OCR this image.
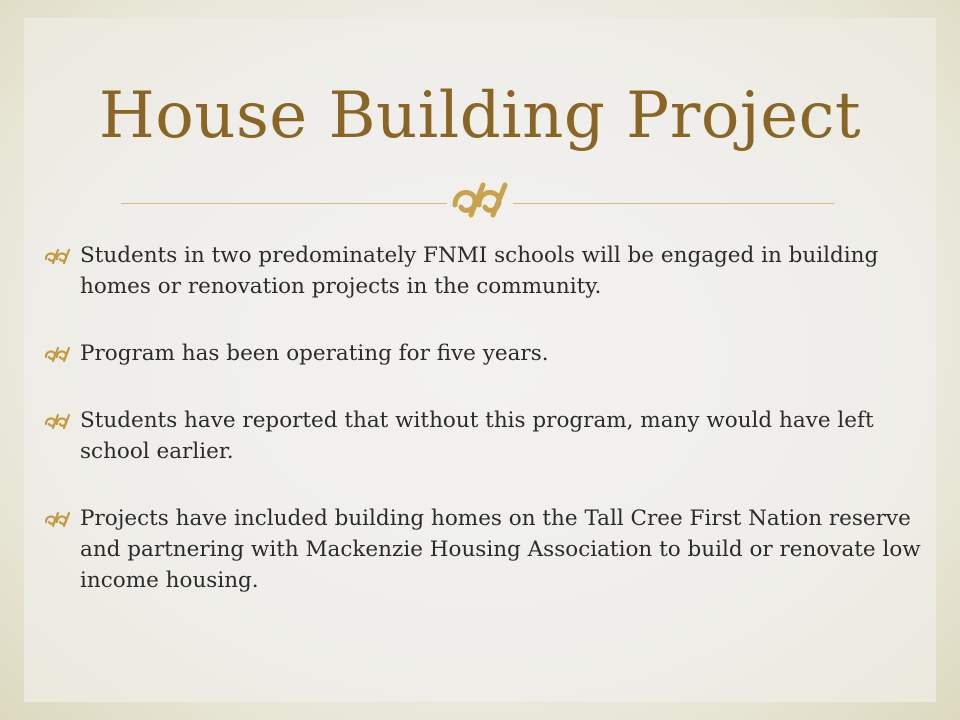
House Building Project
Students in two predominately FNMI schools will be engaged in building homes or renovation projects in the community.
Program has been operating for five years.
Students have reported that without this program, many would have left school earlier.
Projects have included building homes on the Tall Cree First Nation reserve and partnering with Mackenzie Housing Association to build or renovate low income housing.
